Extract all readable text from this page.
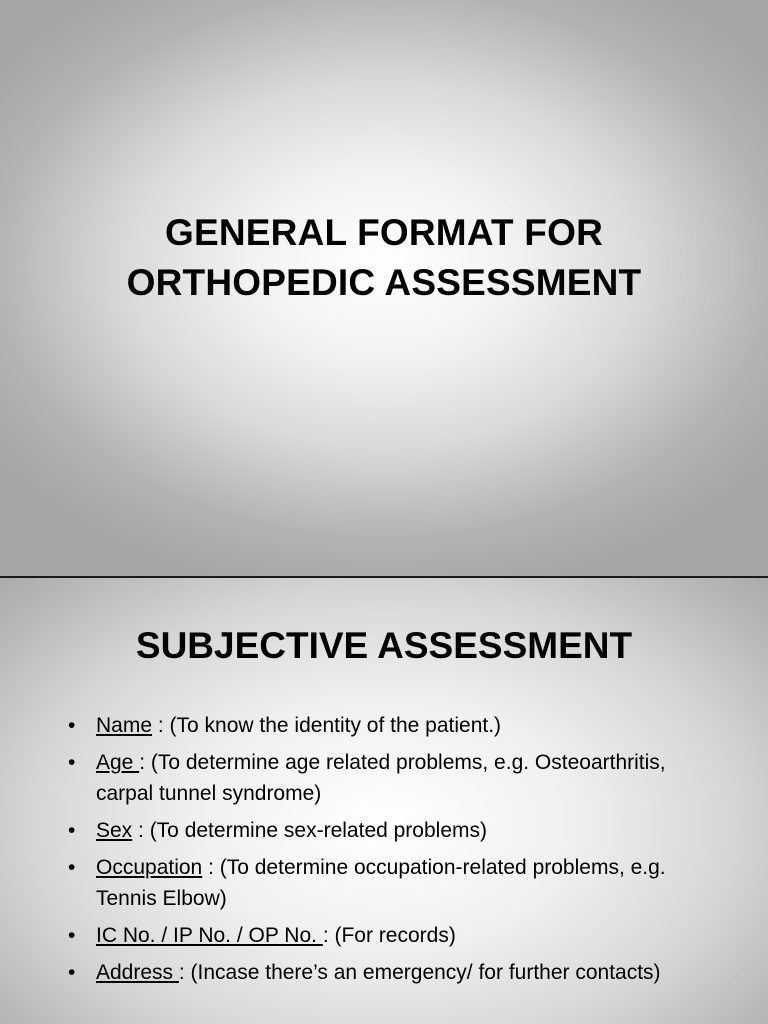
GENERAL FORMAT FOR
ORTHOPEDIC ASSESSMENT
SUBJECTIVE ASSESSMENT
• Name : (To know the identity of the patient.)
• Age : (To determine age related problems, e.g. Osteoarthritis, carpal tunnel syndrome)
• Sex : (To determine sex-related problems)
• Occupation : (To determine occupation-related problems, e.g. Tennis Elbow)
• IC No. / IP No. / OP No. : (For records)
• Address : (Incase there’s an emergency/ for further contacts)
